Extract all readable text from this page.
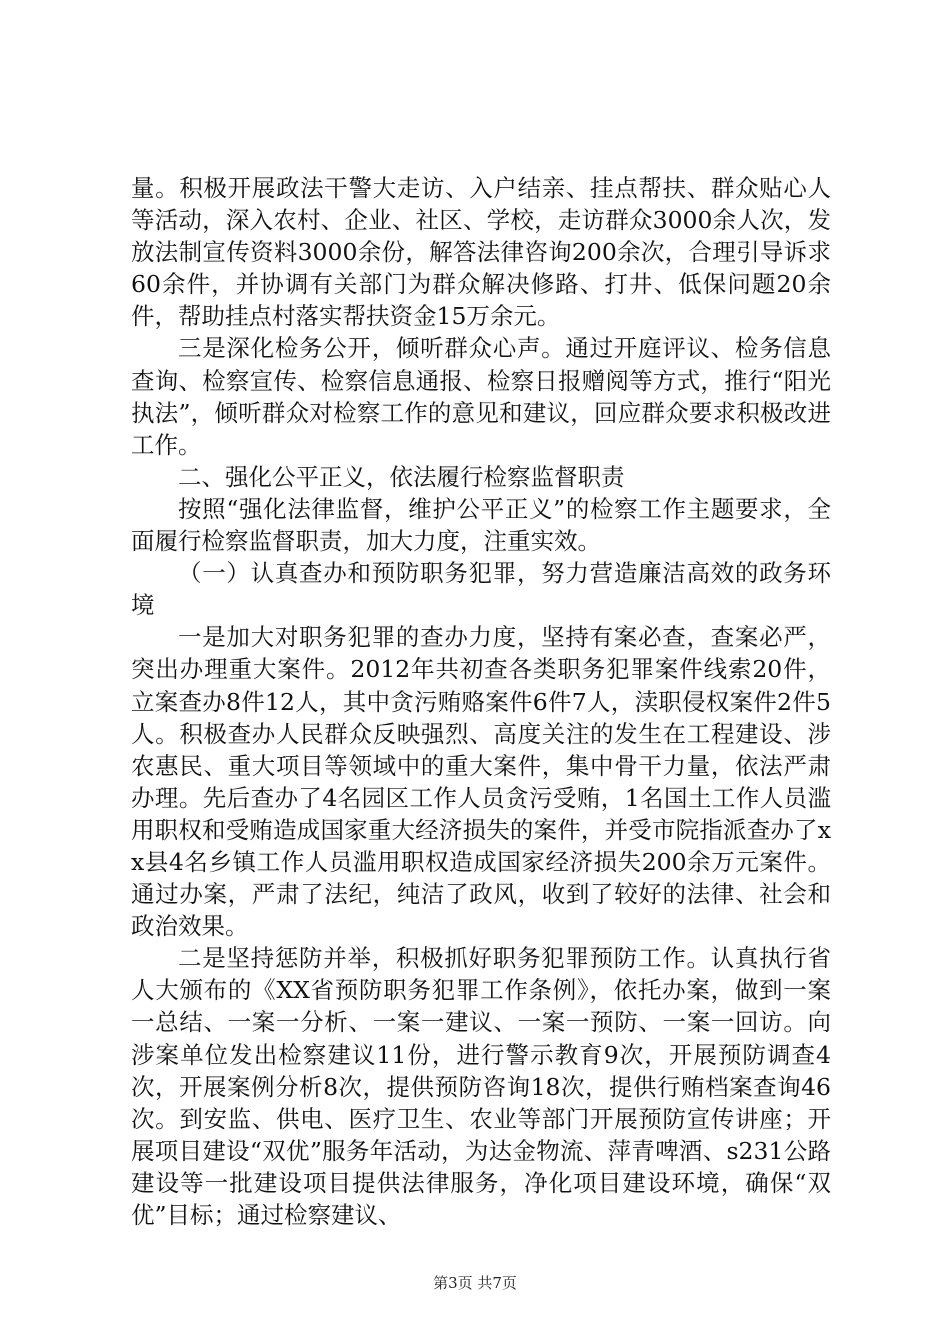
量。积极开展政法干警大走访、入户结亲、挂点帮扶、群众贴心人等活动，深入农村、企业、社区、学校，走访群众3000余人次，发放法制宣传资料3000余份，解答法律咨询200余次，合理引导诉求60余件，并协调有关部门为群众解决修路、打井、低保问题20余件，帮助挂点村落实帮扶资金15万余元。

三是深化检务公开，倾听群众心声。通过开庭评议、检务信息查询、检察宣传、检察信息通报、检察日报赠阅等方式，推行“阳光执法”，倾听群众对检察工作的意见和建议，回应群众要求积极改进工作。

二、强化公平正义，依法履行检察监督职责

按照“强化法律监督，维护公平正义”的检察工作主题要求，全面履行检察监督职责，加大力度，注重实效。

（一）认真查办和预防职务犯罪，努力营造廉洁高效的政务环境

一是加大对职务犯罪的查办力度，坚持有案必查，查案必严，突出办理重大案件。2012年共初查各类职务犯罪案件线索20件，立案查办8件12人，其中贪污贿赂案件6件7人，渎职侵权案件2件5人。积极查办人民群众反映强烈、高度关注的发生在工程建设、涉农惠民、重大项目等领域中的重大案件，集中骨干力量，依法严肃办理。先后查办了4名园区工作人员贪污受贿，1名国土工作人员滥用职权和受贿造成国家重大经济损失的案件，并受市院指派查办了xx县4名乡镇工作人员滥用职权造成国家经济损失200余万元案件。通过办案，严肃了法纪，纯洁了政风，收到了较好的法律、社会和政治效果。

二是坚持惩防并举，积极抓好职务犯罪预防工作。认真执行省人大颁布的《XX省预防职务犯罪工作条例》，依托办案，做到一案一总结、一案一分析、一案一建议、一案一预防、一案一回访。向涉案单位发出检察建议11份，进行警示教育9次，开展预防调查4次，开展案例分析8次，提供预防咨询18次，提供行贿档案查询46次。到安监、供电、医疗卫生、农业等部门开展预防宣传讲座；开展项目建设“双优”服务年活动，为达金物流、萍青啤酒、s231公路建设等一批建设项目提供法律服务，净化项目建设环境，确保“双优”目标；通过检察建议、

第3页 共7页
